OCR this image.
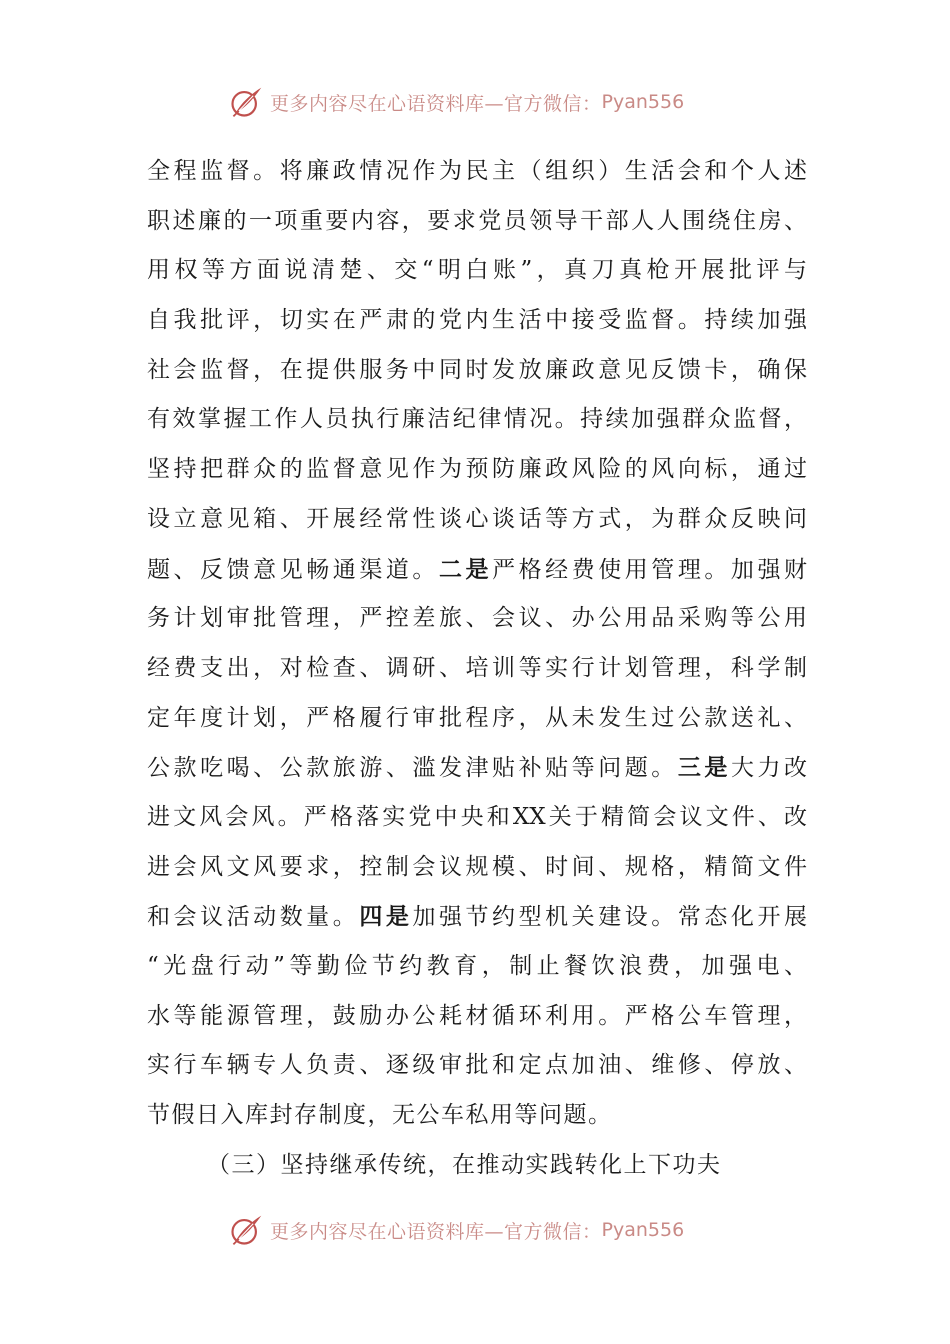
更多内容尽在心语资料库—官方微信： Pyan556
全程监督。将廉政情况作为民主（组织）生活会和个人述
职述廉的一项重要内容，要求党员领导干部人人围绕住房、
用权等方面说清楚、交“明白账”，真刀真枪开展批评与
自我批评，切实在严肃的党内生活中接受监督。持续加强
社会监督，在提供服务中同时发放廉政意见反馈卡，确保
有效掌握工作人员执行廉洁纪律情况。持续加强群众监督，
坚持把群众的监督意见作为预防廉政风险的风向标，通过
设立意见箱、开展经常性谈心谈话等方式，为群众反映问
题、反馈意见畅通渠道。二是严格经费使用管理。加强财
务计划审批管理，严控差旅、会议、办公用品采购等公用
经费支出，对检查、调研、培训等实行计划管理，科学制
定年度计划，严格履行审批程序，从未发生过公款送礼、
公款吃喝、公款旅游、滥发津贴补贴等问题。三是大力改
进文风会风。严格落实党中央和XX关于精简会议文件、改
进会风文风要求，控制会议规模、时间、规格，精简文件
和会议活动数量。四是加强节约型机关建设。常态化开展
“光盘行动”等勤俭节约教育，制止餐饮浪费，加强电、
水等能源管理，鼓励办公耗材循环利用。严格公车管理，
实行车辆专人负责、逐级审批和定点加油、维修、停放、
节假日入库封存制度，无公车私用等问题。
（三）坚持继承传统，在推动实践转化上下功夫
更多内容尽在心语资料库—官方微信： Pyan556
